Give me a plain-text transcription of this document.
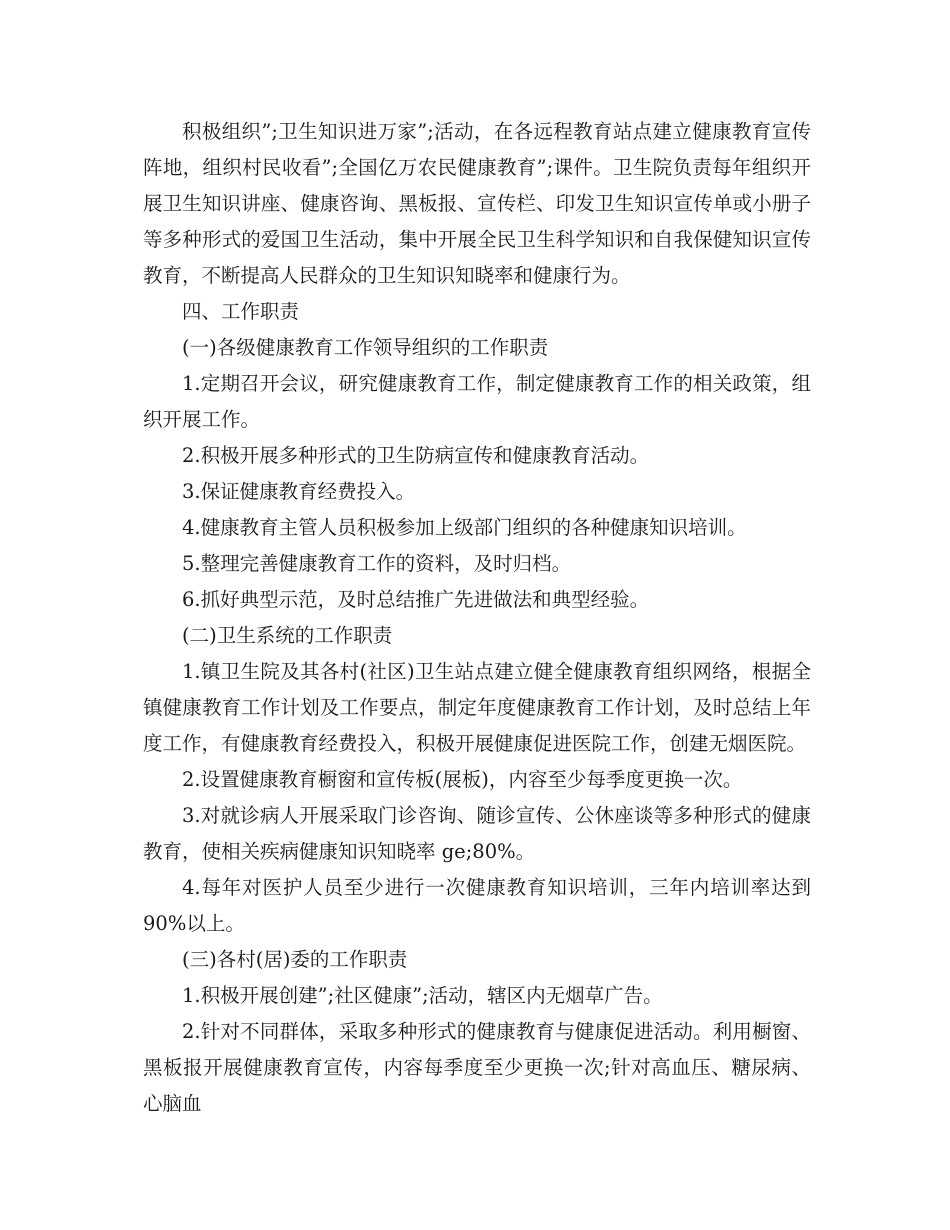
积极组织”;卫生知识进万家”;活动，在各远程教育站点建立健康教育宣传阵地，组织村民收看”;全国亿万农民健康教育”;课件。卫生院负责每年组织开展卫生知识讲座、健康咨询、黑板报、宣传栏、印发卫生知识宣传单或小册子等多种形式的爱国卫生活动，集中开展全民卫生科学知识和自我保健知识宣传教育，不断提高人民群众的卫生知识知晓率和健康行为。

四、工作职责

(一)各级健康教育工作领导组织的工作职责

1.定期召开会议，研究健康教育工作，制定健康教育工作的相关政策，组织开展工作。

2.积极开展多种形式的卫生防病宣传和健康教育活动。

3.保证健康教育经费投入。

4.健康教育主管人员积极参加上级部门组织的各种健康知识培训。

5.整理完善健康教育工作的资料，及时归档。

6.抓好典型示范，及时总结推广先进做法和典型经验。

(二)卫生系统的工作职责

1.镇卫生院及其各村(社区)卫生站点建立健全健康教育组织网络，根据全镇健康教育工作计划及工作要点，制定年度健康教育工作计划，及时总结上年度工作，有健康教育经费投入，积极开展健康促进医院工作，创建无烟医院。

2.设置健康教育橱窗和宣传板(展板)，内容至少每季度更换一次。

3.对就诊病人开展采取门诊咨询、随诊宣传、公休座谈等多种形式的健康教育，使相关疾病健康知识知晓率 ge;80%。

4.每年对医护人员至少进行一次健康教育知识培训，三年内培训率达到 90%以上。

(三)各村(居)委的工作职责

1.积极开展创建”;社区健康”;活动，辖区内无烟草广告。

2.针对不同群体，采取多种形式的健康教育与健康促进活动。利用橱窗、黑板报开展健康教育宣传，内容每季度至少更换一次;针对高血压、糖尿病、心脑血
